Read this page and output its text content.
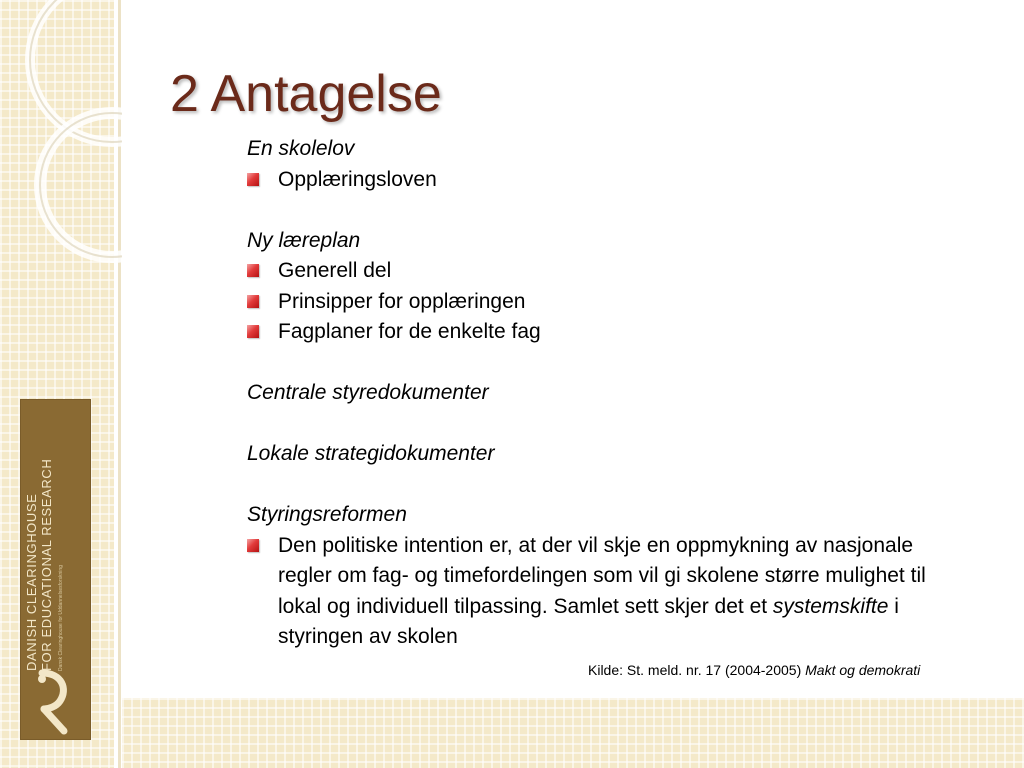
DANISH CLEARINGHOUSE FOR EDUCATIONAL RESEARCH Dansk Clearinghouse for Uddannelsesforskning
2 Antagelse

En skolelov

Opplæringsloven

Ny læreplan

Generell del

Prinsipper for opplæringen

Fagplaner for de enkelte fag

Centrale styredokumenter

Lokale strategidokumenter

Styringsreformen

Den politiske intention er, at der vil skje en oppmykning av nasjonale regler om fag- og timefordelingen som vil gi skolene større mulighet til lokal og individuell tilpassing. Samlet sett skjer det et systemskifte i styringen av skolen

Kilde: St. meld. nr. 17 (2004-2005) Makt og demokrati
